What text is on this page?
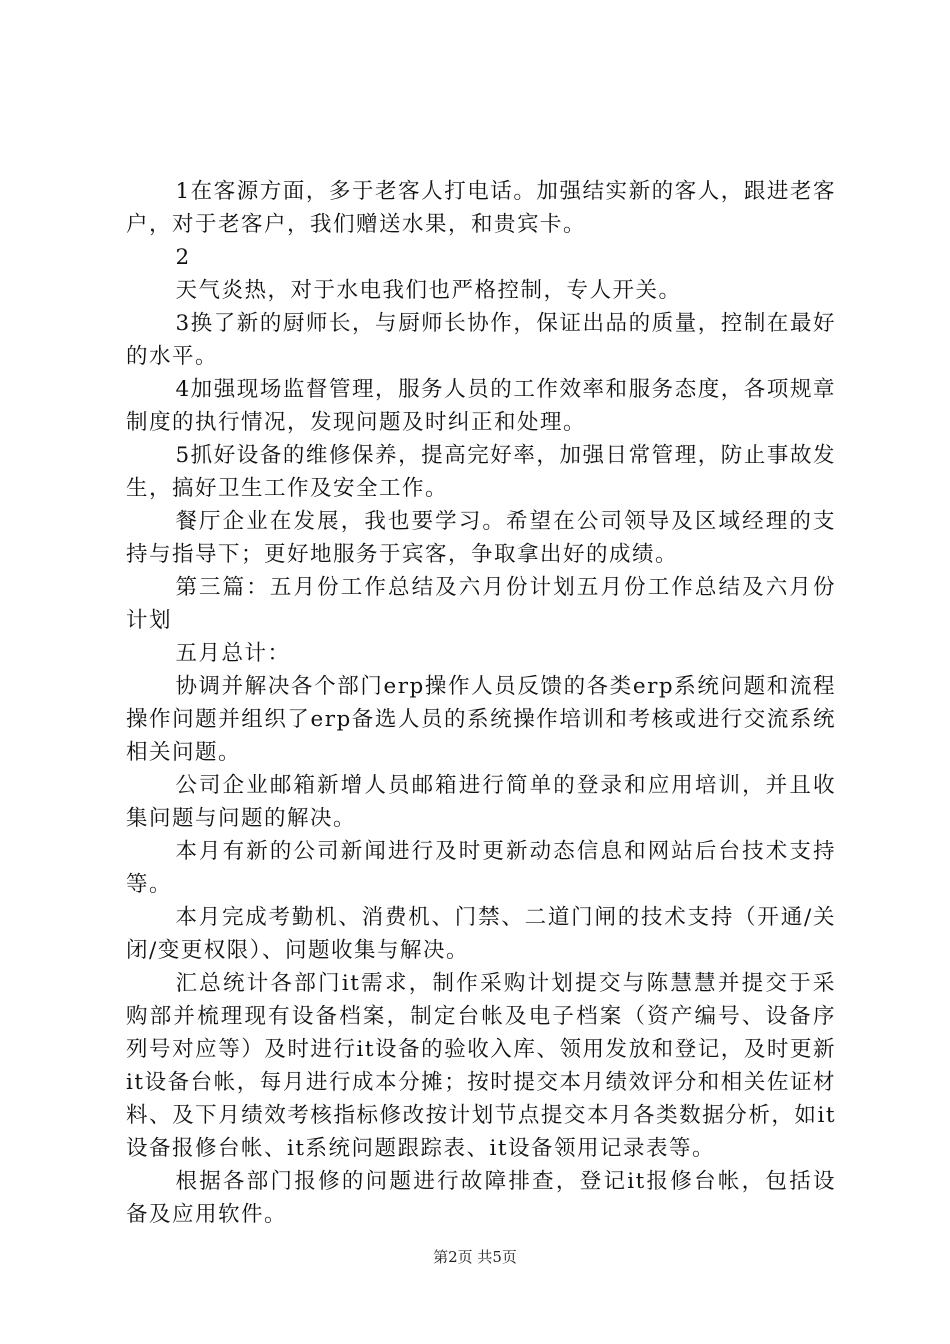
1在客源方面，多于老客人打电话。加强结实新的客人，跟进老客户，对于老客户，我们赠送水果，和贵宾卡。

2

天气炎热，对于水电我们也严格控制，专人开关。

3换了新的厨师长，与厨师长协作，保证出品的质量，控制在最好的水平。

4加强现场监督管理，服务人员的工作效率和服务态度，各项规章制度的执行情况，发现问题及时纠正和处理。

5抓好设备的维修保养，提高完好率，加强日常管理，防止事故发生，搞好卫生工作及安全工作。

餐厅企业在发展，我也要学习。希望在公司领导及区域经理的支持与指导下；更好地服务于宾客，争取拿出好的成绩。

第三篇：五月份工作总结及六月份计划五月份工作总结及六月份计划

五月总计：

协调并解决各个部门erp操作人员反馈的各类erp系统问题和流程操作问题并组织了erp备选人员的系统操作培训和考核或进行交流系统相关问题。

公司企业邮箱新增人员邮箱进行简单的登录和应用培训，并且收集问题与问题的解决。

本月有新的公司新闻进行及时更新动态信息和网站后台技术支持等。

本月完成考勤机、消费机、门禁、二道门闸的技术支持（开通/关闭/变更权限）、问题收集与解决。

汇总统计各部门it需求，制作采购计划提交与陈慧慧并提交于采购部并梳理现有设备档案，制定台帐及电子档案（资产编号、设备序列号对应等）及时进行it设备的验收入库、领用发放和登记，及时更新it设备台帐，每月进行成本分摊；按时提交本月绩效评分和相关佐证材料、及下月绩效考核指标修改按计划节点提交本月各类数据分析，如it设备报修台帐、it系统问题跟踪表、it设备领用记录表等。

根据各部门报修的问题进行故障排查，登记it报修台帐，包括设备及应用软件。

第2页 共5页
